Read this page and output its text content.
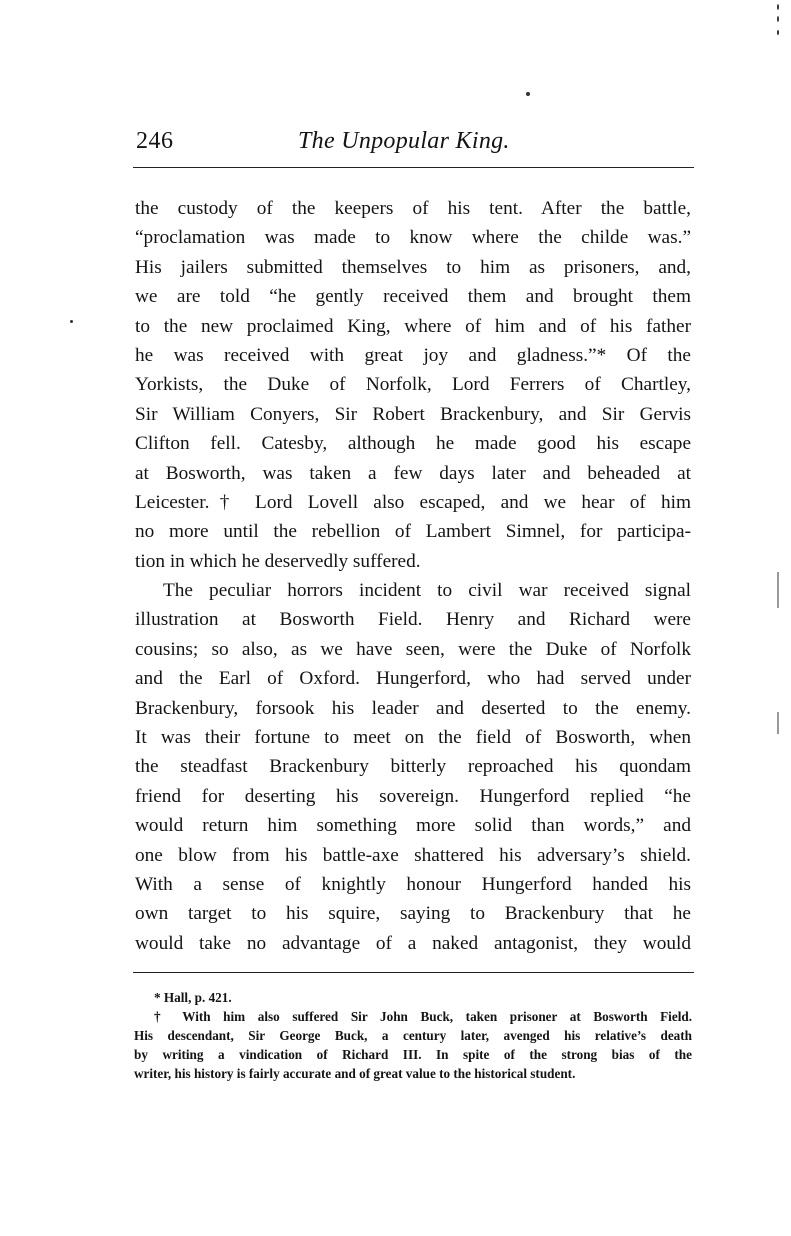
246	The Unpopular King.
the custody of the keepers of his tent. After the battle,
“proclamation was made to know where the childe was.”
His jailers submitted themselves to him as prisoners, and,
we are told “he gently received them and brought them
to the new proclaimed King, where of him and of his father
he was received with great joy and gladness.”* Of the
Yorkists, the Duke of Norfolk, Lord Ferrers of Chartley,
Sir William Conyers, Sir Robert Brackenbury, and Sir Gervis
Clifton fell. Catesby, although he made good his escape
at Bosworth, was taken a few days later and beheaded at
Leicester.† Lord Lovell also escaped, and we hear of him
no more until the rebellion of Lambert Simnel, for participa-
tion in which he deservedly suffered.
The peculiar horrors incident to civil war received signal
illustration at Bosworth Field. Henry and Richard were
cousins; so also, as we have seen, were the Duke of Norfolk
and the Earl of Oxford. Hungerford, who had served under
Brackenbury, forsook his leader and deserted to the enemy.
It was their fortune to meet on the field of Bosworth, when
the steadfast Brackenbury bitterly reproached his quondam
friend for deserting his sovereign. Hungerford replied “he
would return him something more solid than words,” and
one blow from his battle-axe shattered his adversary’s shield.
With a sense of knightly honour Hungerford handed his
own target to his squire, saying to Brackenbury that he
would take no advantage of a naked antagonist, they would
* Hall, p. 421.
† With him also suffered Sir John Buck, taken prisoner at Bosworth Field.
His descendant, Sir George Buck, a century later, avenged his relative’s death
by writing a vindication of Richard III. In spite of the strong bias of the
writer, his history is fairly accurate and of great value to the historical student.
